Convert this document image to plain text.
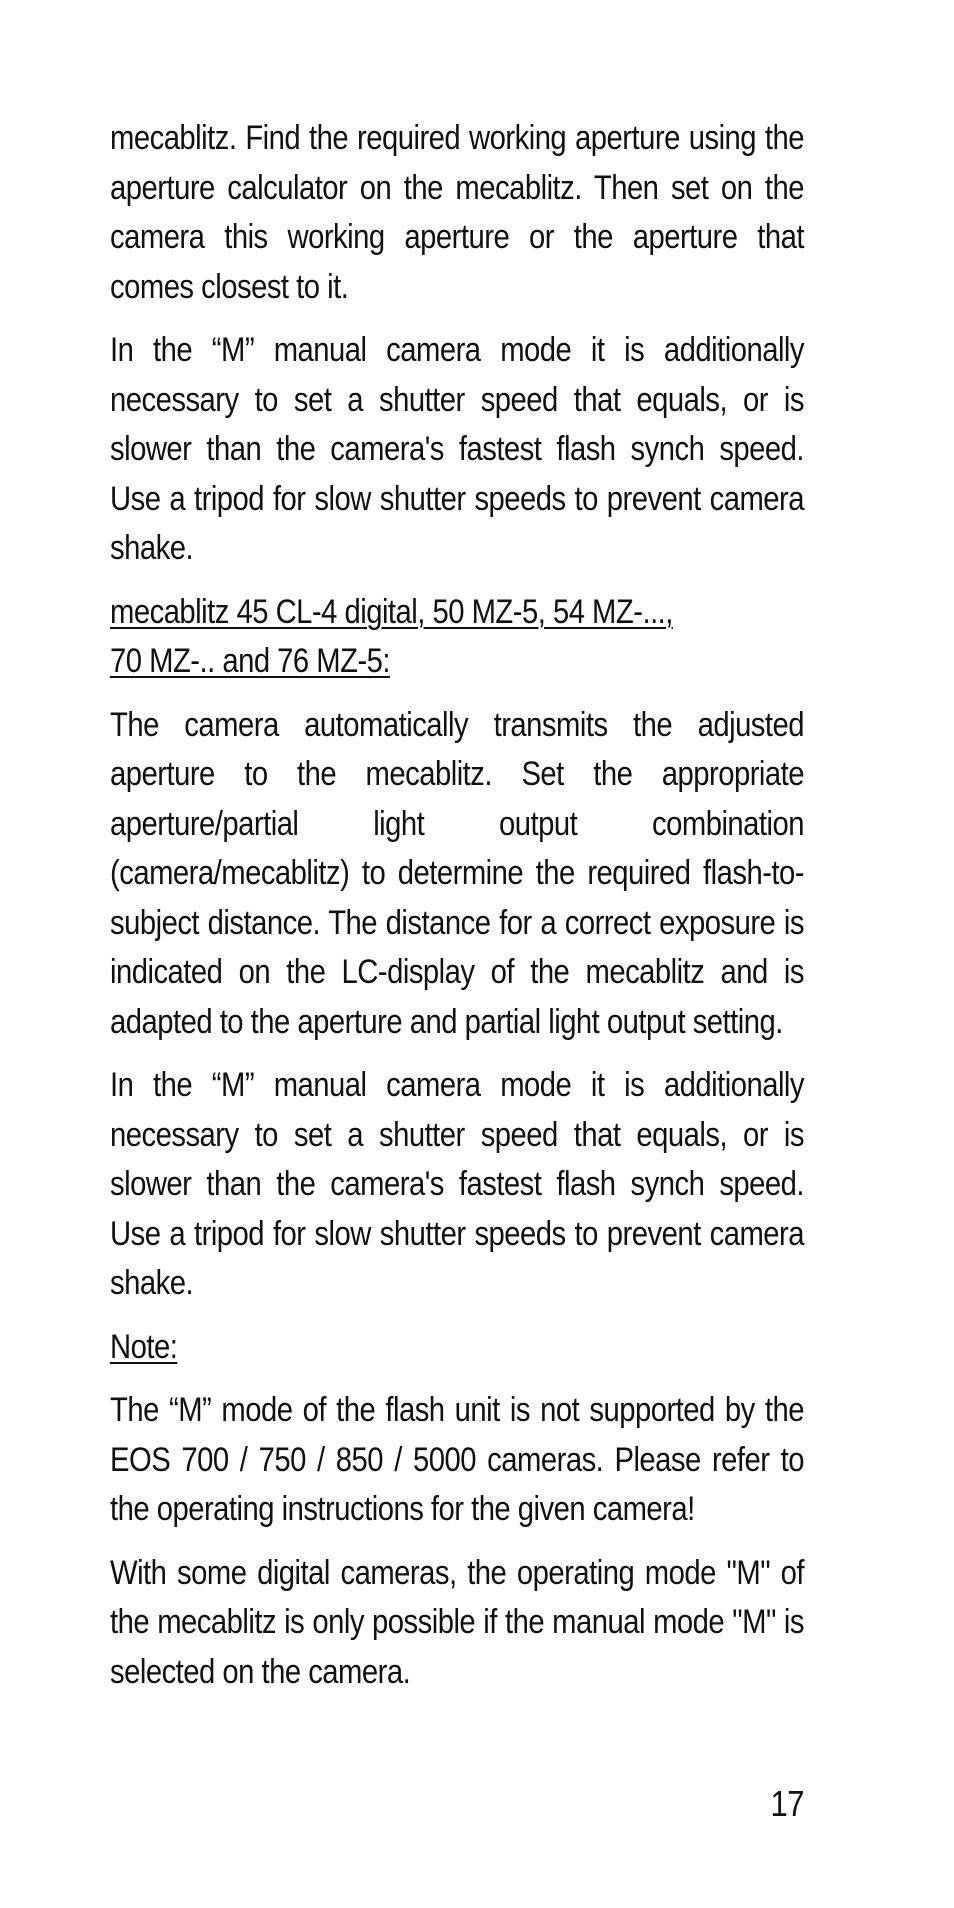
mecablitz. Find the required working aperture using the aperture calculator on the mecablitz. Then set on the camera this working aperture or the aperture that comes closest to it.

In the “M” manual camera mode it is additionally necessary to set a shutter speed that equals, or is slower than the camera's fastest flash synch speed. Use a tripod for slow shutter speeds to prevent camera shake.

mecablitz 45 CL-4 digital, 50 MZ-5, 54 MZ-...,
70 MZ-.. and 76 MZ-5:

The camera automatically transmits the adjusted aperture to the mecablitz. Set the appropriate aperture/partial light output combination (camera/mecablitz) to determine the required flash-to-subject distance. The distance for a correct exposure is indicated on the LC-display of the mecablitz and is adapted to the aperture and partial light output setting.

In the “M” manual camera mode it is additionally necessary to set a shutter speed that equals, or is slower than the camera's fastest flash synch speed. Use a tripod for slow shutter speeds to prevent camera shake.

Note:

The “M” mode of the flash unit is not supported by the EOS 700 / 750 / 850 / 5000 cameras. Please refer to the operating instructions for the given camera!

With some digital cameras, the operating mode "M" of the mecablitz is only possible if the manual mode "M" is selected on the camera.

17
